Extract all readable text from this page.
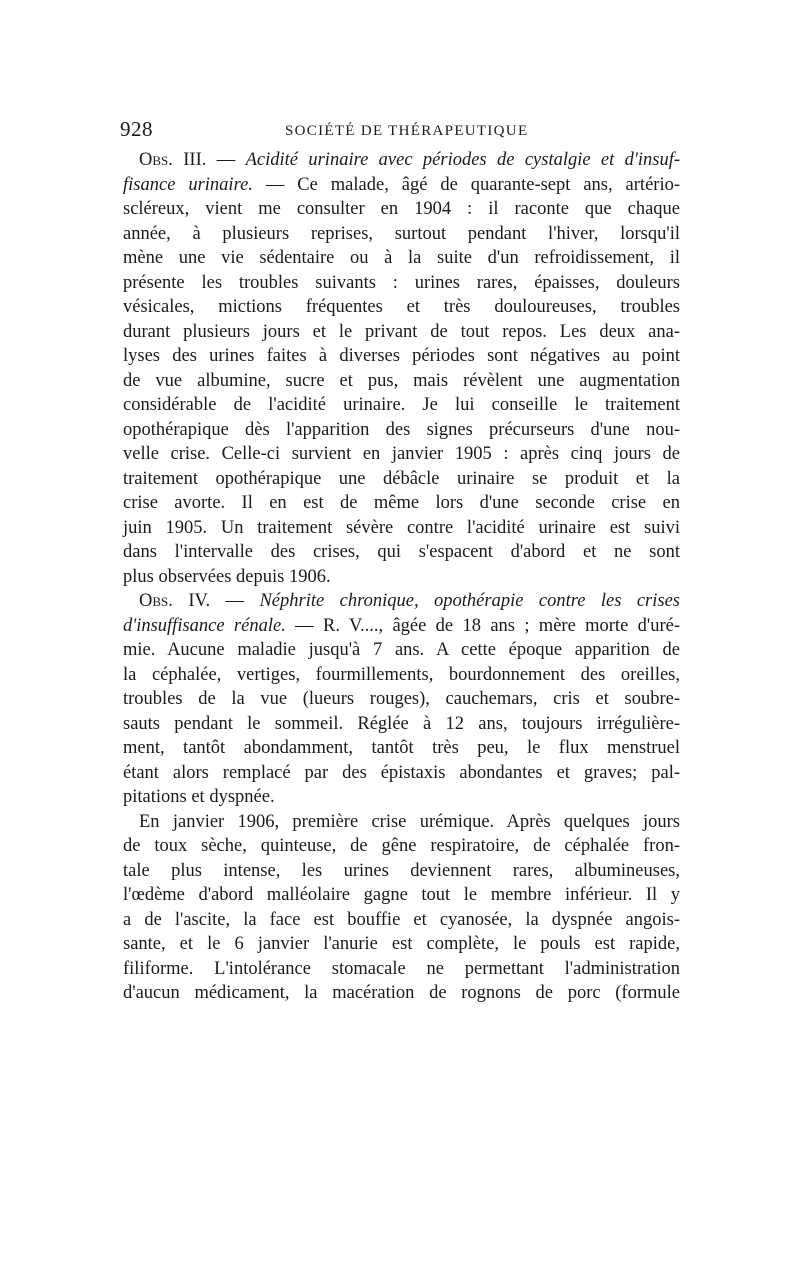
928	SOCIÉTÉ DE THÉRAPEUTIQUE
Obs. III. — Acidité urinaire avec périodes de cystalgie et d'insuf-
fisance urinaire. — Ce malade, âgé de quarante-sept ans, artério-
scléreux, vient me consulter en 1904 : il raconte que chaque
année, à plusieurs reprises, surtout pendant l'hiver, lorsqu'il
mène une vie sédentaire ou à la suite d'un refroidissement, il
présente les troubles suivants : urines rares, épaisses, douleurs
vésicales, mictions fréquentes et très douloureuses, troubles
durant plusieurs jours et le privant de tout repos. Les deux ana-
lyses des urines faites à diverses périodes sont négatives au point
de vue albumine, sucre et pus, mais révèlent une augmentation
considérable de l'acidité urinaire. Je lui conseille le traitement
opothérapique dès l'apparition des signes précurseurs d'une nou-
velle crise. Celle-ci survient en janvier 1905 : après cinq jours de
traitement opothérapique une débâcle urinaire se produit et la
crise avorte. Il en est de même lors d'une seconde crise en
juin 1905. Un traitement sévère contre l'acidité urinaire est suivi
dans l'intervalle des crises, qui s'espacent d'abord et ne sont
plus observées depuis 1906.
Obs. IV. — Néphrite chronique, opothérapie contre les crises
d'insuffisance rénale. — R. V...., âgée de 18 ans ; mère morte d'uré-
mie. Aucune maladie jusqu'à 7 ans. A cette époque apparition de
la céphalée, vertiges, fourmillements, bourdonnement des oreilles,
troubles de la vue (lueurs rouges), cauchemars, cris et soubre-
sauts pendant le sommeil. Réglée à 12 ans, toujours irrégulière-
ment, tantôt abondamment, tantôt très peu, le flux menstruel
étant alors remplacé par des épistaxis abondantes et graves; pal-
pitations et dyspnée.
En janvier 1906, première crise urémique. Après quelques jours
de toux sèche, quinteuse, de gêne respiratoire, de céphalée fron-
tale plus intense, les urines deviennent rares, albumineuses,
l'œdème d'abord malléolaire gagne tout le membre inférieur. Il y
a de l'ascite, la face est bouffie et cyanosée, la dyspnée angois-
sante, et le 6 janvier l'anurie est complète, le pouls est rapide,
filiforme. L'intolérance stomacale ne permettant l'administration
d'aucun médicament, la macération de rognons de porc (formule
